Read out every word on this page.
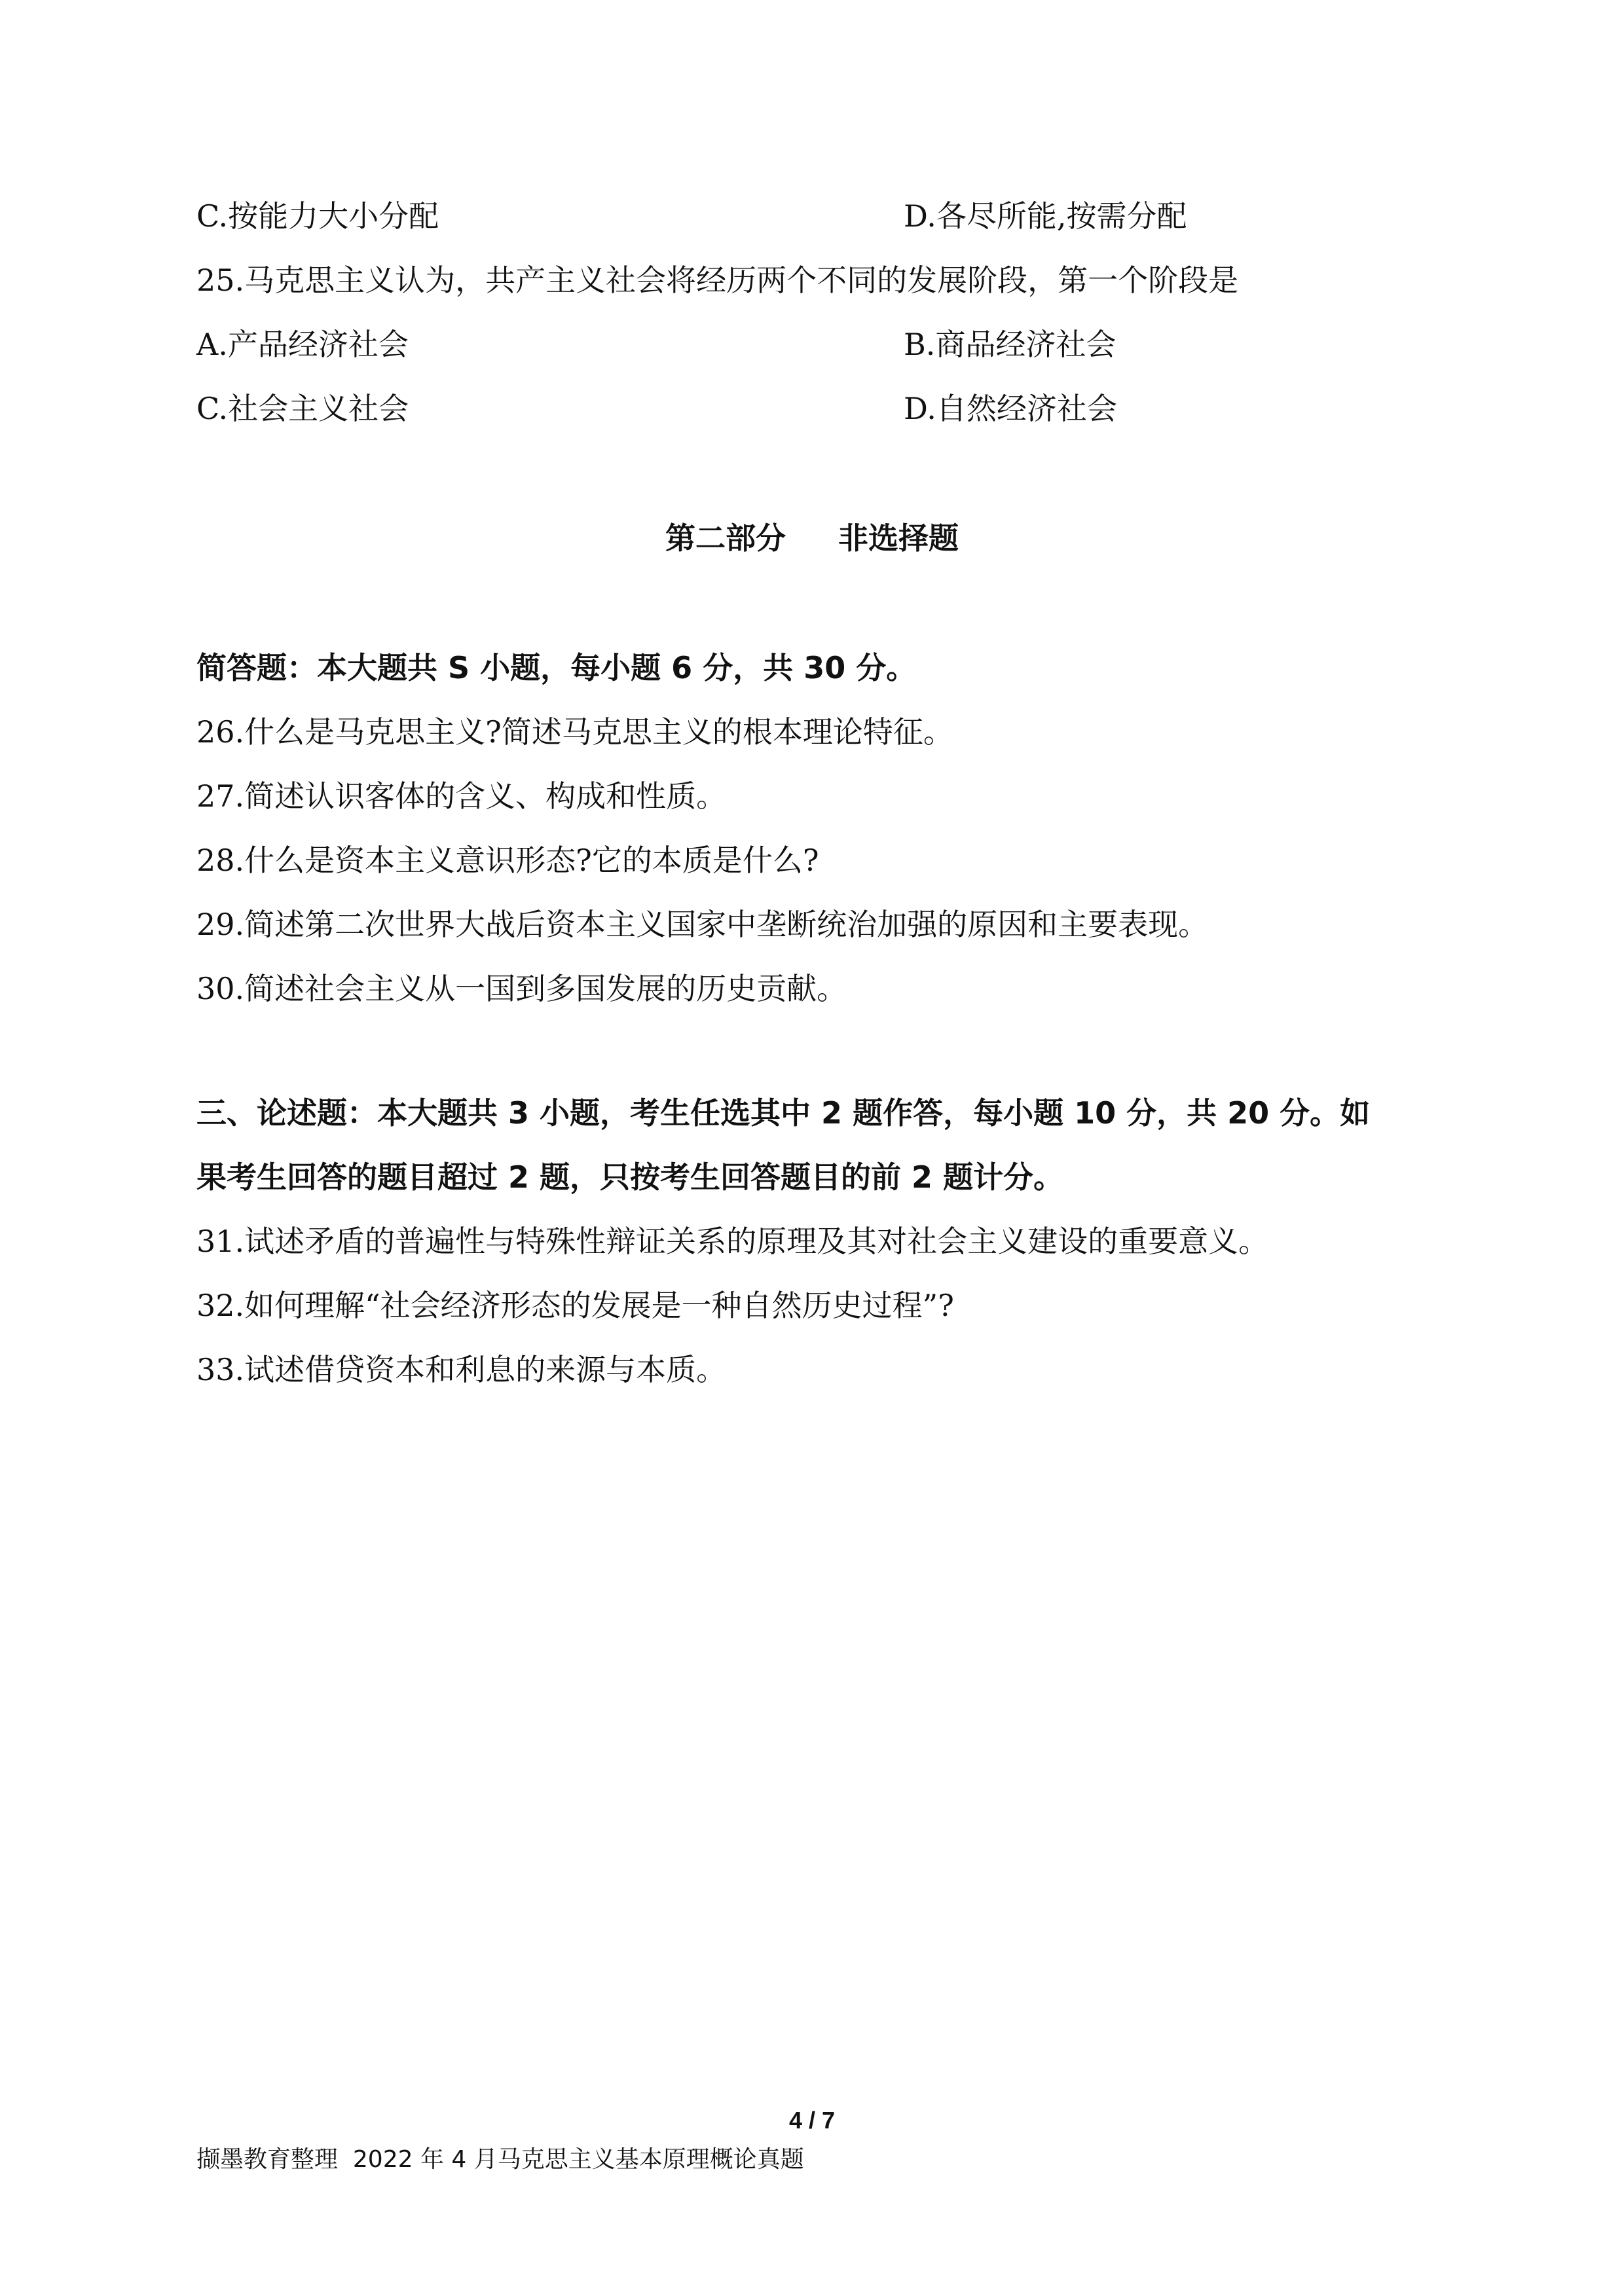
C.按能力大小分配	D.各尽所能,按需分配
25.马克思主义认为，共产主义社会将经历两个不同的发展阶段，第一个阶段是
A.产品经济社会	B.商品经济社会
C.社会主义社会	D.自然经济社会
第二部分     非选择题
简答题：本大题共 S 小题，每小题 6 分，共 30 分。
26.什么是马克思主义?简述马克思主义的根本理论特征。
27.简述认识客体的含义、构成和性质。
28.什么是资本主义意识形态?它的本质是什么?
29.简述第二次世界大战后资本主义国家中垄断统治加强的原因和主要表现。
30.简述社会主义从一国到多国发展的历史贡献。
三、论述题：本大题共 3 小题，考生任选其中 2 题作答，每小题 10 分，共 20 分。如
果考生回答的题目超过 2 题，只按考生回答题目的前 2 题计分。
31.试述矛盾的普遍性与特殊性辩证关系的原理及其对社会主义建设的重要意义。
32.如何理解“社会经济形态的发展是一种自然历史过程”?
33.试述借贷资本和利息的来源与本质。
4 / 7
撷墨教育整理  2022 年 4 月马克思主义基本原理概论真题
